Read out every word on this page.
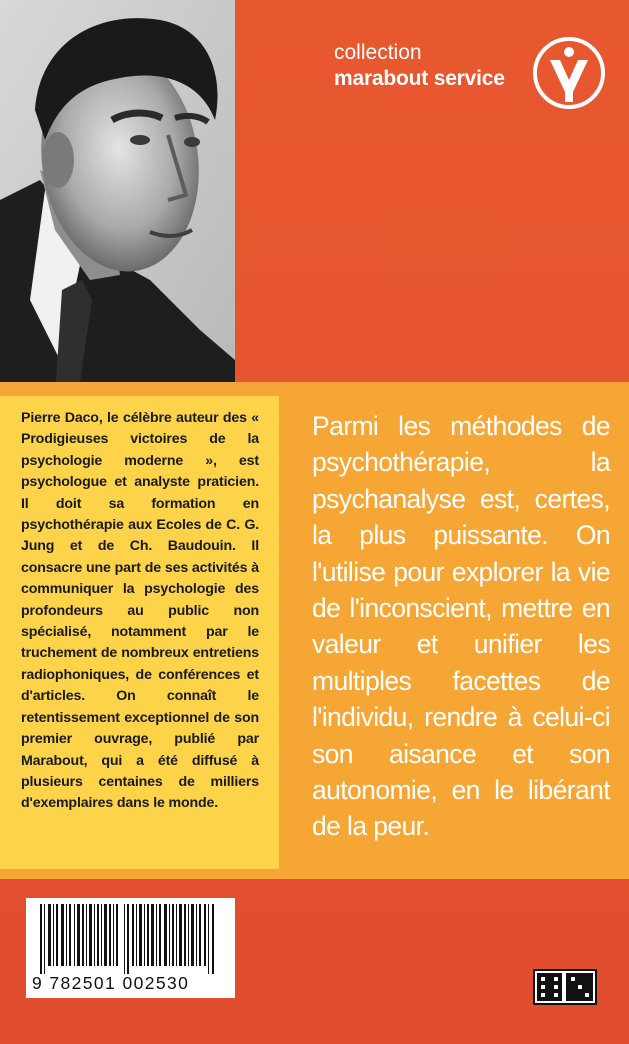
collection
marabout service
Pierre Daco, le célèbre auteur des « Prodigieuses victoires de la psychologie moderne », est psychologue et analyste praticien. Il doit sa formation en psychothérapie aux Ecoles de C. G. Jung et de Ch. Baudouin. Il consacre une part de ses activités à communiquer la psychologie des profondeurs au public non spécialisé, notamment par le truchement de nombreux entretiens radiophoniques, de conférences et d'articles. On connaît le retentissement exceptionnel de son premier ouvrage, publié par Marabout, qui a été diffusé à plusieurs centaines de milliers d'exemplaires dans le monde.
Parmi les méthodes de psychothérapie, la psychanalyse est, certes, la plus puissante. On l'utilise pour explorer la vie de l'inconscient, mettre en valeur et unifier les multiples facettes de l'individu, rendre à celui-ci son aisance et son autonomie, en le libérant de la peur.
9 782501 002530
